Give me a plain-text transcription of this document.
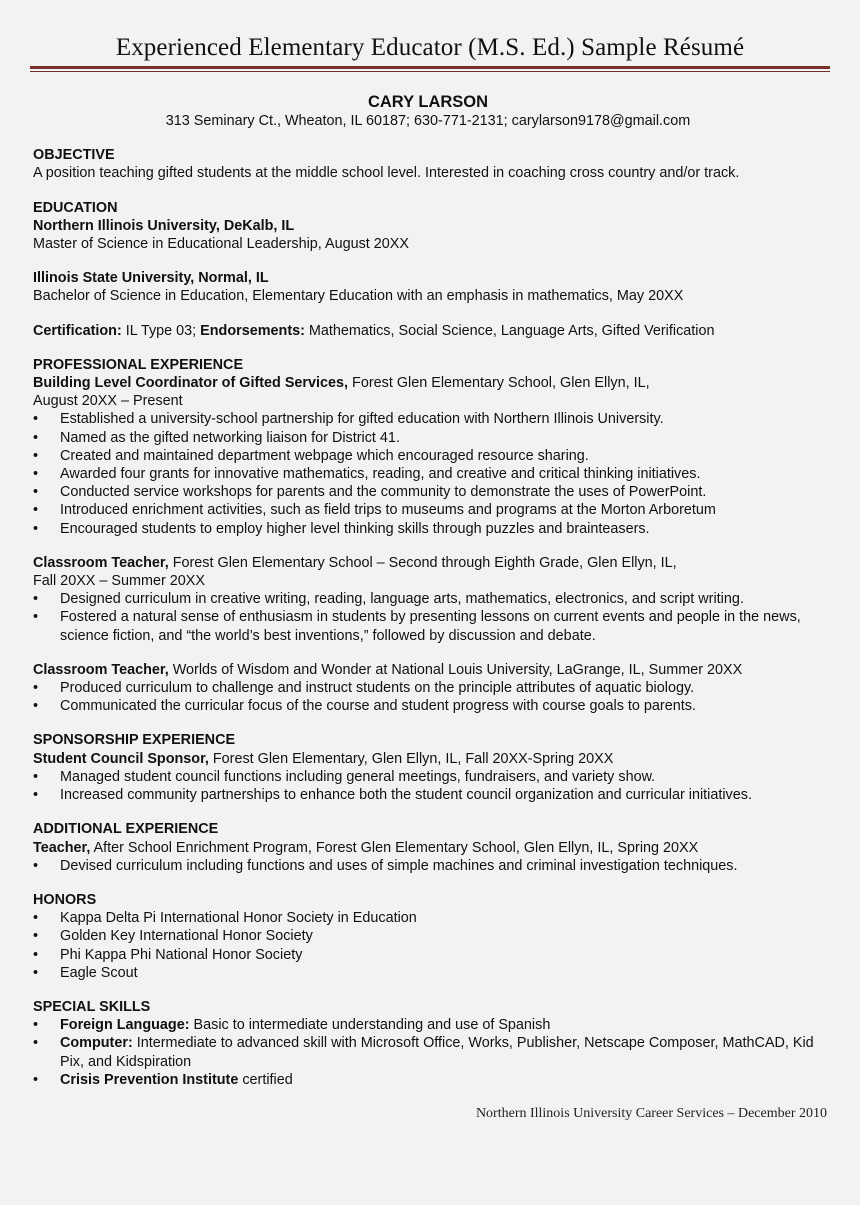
Experienced Elementary Educator (M.S. Ed.) Sample Résumé
CARY LARSON
313 Seminary Ct., Wheaton, IL 60187; 630-771-2131; carylarson9178@gmail.com
OBJECTIVE
A position teaching gifted students at the middle school level. Interested in coaching cross country and/or track.
EDUCATION
Northern Illinois University, DeKalb, IL
Master of Science in Educational Leadership, August 20XX
Illinois State University, Normal, IL
Bachelor of Science in Education, Elementary Education with an emphasis in mathematics, May 20XX
Certification: IL Type 03; Endorsements: Mathematics, Social Science, Language Arts, Gifted Verification
PROFESSIONAL EXPERIENCE
Building Level Coordinator of Gifted Services, Forest Glen Elementary School, Glen Ellyn, IL,
August 20XX – Present
• Established a university-school partnership for gifted education with Northern Illinois University.
• Named as the gifted networking liaison for District 41.
• Created and maintained department webpage which encouraged resource sharing.
• Awarded four grants for innovative mathematics, reading, and creative and critical thinking initiatives.
• Conducted service workshops for parents and the community to demonstrate the uses of PowerPoint.
• Introduced enrichment activities, such as field trips to museums and programs at the Morton Arboretum
• Encouraged students to employ higher level thinking skills through puzzles and brainteasers.
Classroom Teacher, Forest Glen Elementary School – Second through Eighth Grade, Glen Ellyn, IL,
Fall 20XX – Summer 20XX
• Designed curriculum in creative writing, reading, language arts, mathematics, electronics, and script writing.
• Fostered a natural sense of enthusiasm in students by presenting lessons on current events and people in the news, science fiction, and “the world’s best inventions,” followed by discussion and debate.
Classroom Teacher, Worlds of Wisdom and Wonder at National Louis University, LaGrange, IL, Summer 20XX
• Produced curriculum to challenge and instruct students on the principle attributes of aquatic biology.
• Communicated the curricular focus of the course and student progress with course goals to parents.
SPONSORSHIP EXPERIENCE
Student Council Sponsor, Forest Glen Elementary, Glen Ellyn, IL, Fall 20XX-Spring 20XX
• Managed student council functions including general meetings, fundraisers, and variety show.
• Increased community partnerships to enhance both the student council organization and curricular initiatives.
ADDITIONAL EXPERIENCE
Teacher, After School Enrichment Program, Forest Glen Elementary School, Glen Ellyn, IL, Spring 20XX
• Devised curriculum including functions and uses of simple machines and criminal investigation techniques.
HONORS
• Kappa Delta Pi International Honor Society in Education
• Golden Key International Honor Society
• Phi Kappa Phi National Honor Society
• Eagle Scout
SPECIAL SKILLS
• Foreign Language: Basic to intermediate understanding and use of Spanish
• Computer: Intermediate to advanced skill with Microsoft Office, Works, Publisher, Netscape Composer, MathCAD, Kid Pix, and Kidspiration
• Crisis Prevention Institute certified
Northern Illinois University Career Services – December 2010
